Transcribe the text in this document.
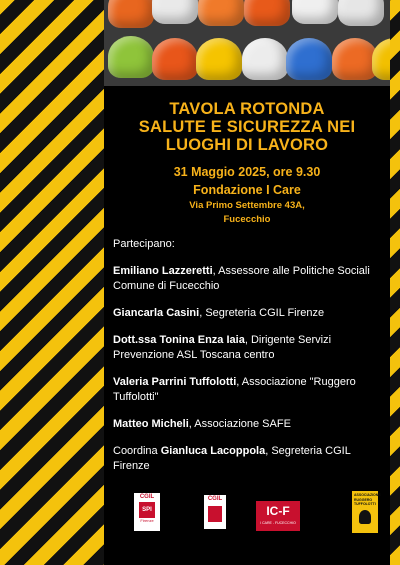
TAVOLA ROTONDA
SALUTE E SICUREZZA NEI
LUOGHI DI LAVORO
31 Maggio 2025, ore 9.30
Fondazione I Care
Via Primo Settembre 43A,
Fucecchio
Partecipano:
Emiliano Lazzeretti, Assessore alle Politiche Sociali Comune di Fucecchio
Giancarla Casini, Segreteria CGIL Firenze
Dott.ssa Tonina Enza Iaia, Dirigente Servizi Prevenzione ASL Toscana centro
Valeria Parrini Tuffolotti, Associazione "Ruggero Tuffolotti"
Matteo Micheli, Associazione SAFE
Coordina Gianluca Lacoppola, Segreteria CGIL Firenze
CGIL
SPI
Firenze
CGIL
IC-F
I CARE - FUCECCHIO
ASSOCIAZIONE RUGGERO TUFFOLOTTI
